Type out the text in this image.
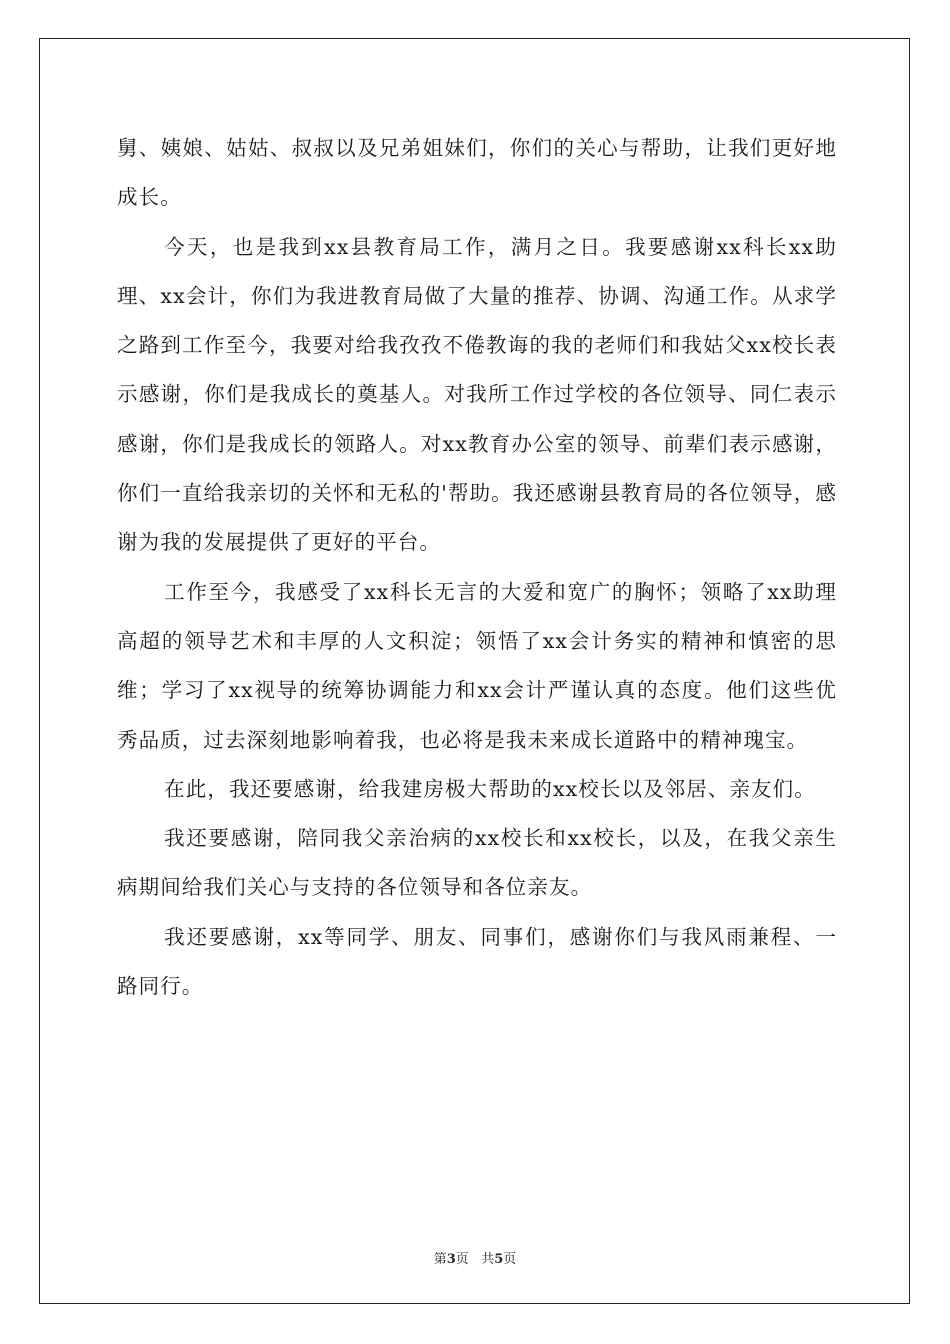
舅、姨娘、姑姑、叔叔以及兄弟姐妹们，你们的关心与帮助，让我们更好地成长。

今天，也是我到xx县教育局工作，满月之日。我要感谢xx科长xx助理、xx会计，你们为我进教育局做了大量的推荐、协调、沟通工作。从求学之路到工作至今，我要对给我孜孜不倦教诲的我的老师们和我姑父xx校长表示感谢，你们是我成长的奠基人。对我所工作过学校的各位领导、同仁表示感谢，你们是我成长的领路人。对xx教育办公室的领导、前辈们表示感谢，你们一直给我亲切的关怀和无私的'帮助。我还感谢县教育局的各位领导，感谢为我的发展提供了更好的平台。

工作至今，我感受了xx科长无言的大爱和宽广的胸怀；领略了xx助理高超的领导艺术和丰厚的人文积淀；领悟了xx会计务实的精神和慎密的思维；学习了xx视导的统筹协调能力和xx会计严谨认真的态度。他们这些优秀品质，过去深刻地影响着我，也必将是我未来成长道路中的精神瑰宝。

在此，我还要感谢，给我建房极大帮助的xx校长以及邻居、亲友们。

我还要感谢，陪同我父亲治病的xx校长和xx校长，以及，在我父亲生病期间给我们关心与支持的各位领导和各位亲友。

我还要感谢，xx等同学、朋友、同事们，感谢你们与我风雨兼程、一路同行。

第3页 共5页
